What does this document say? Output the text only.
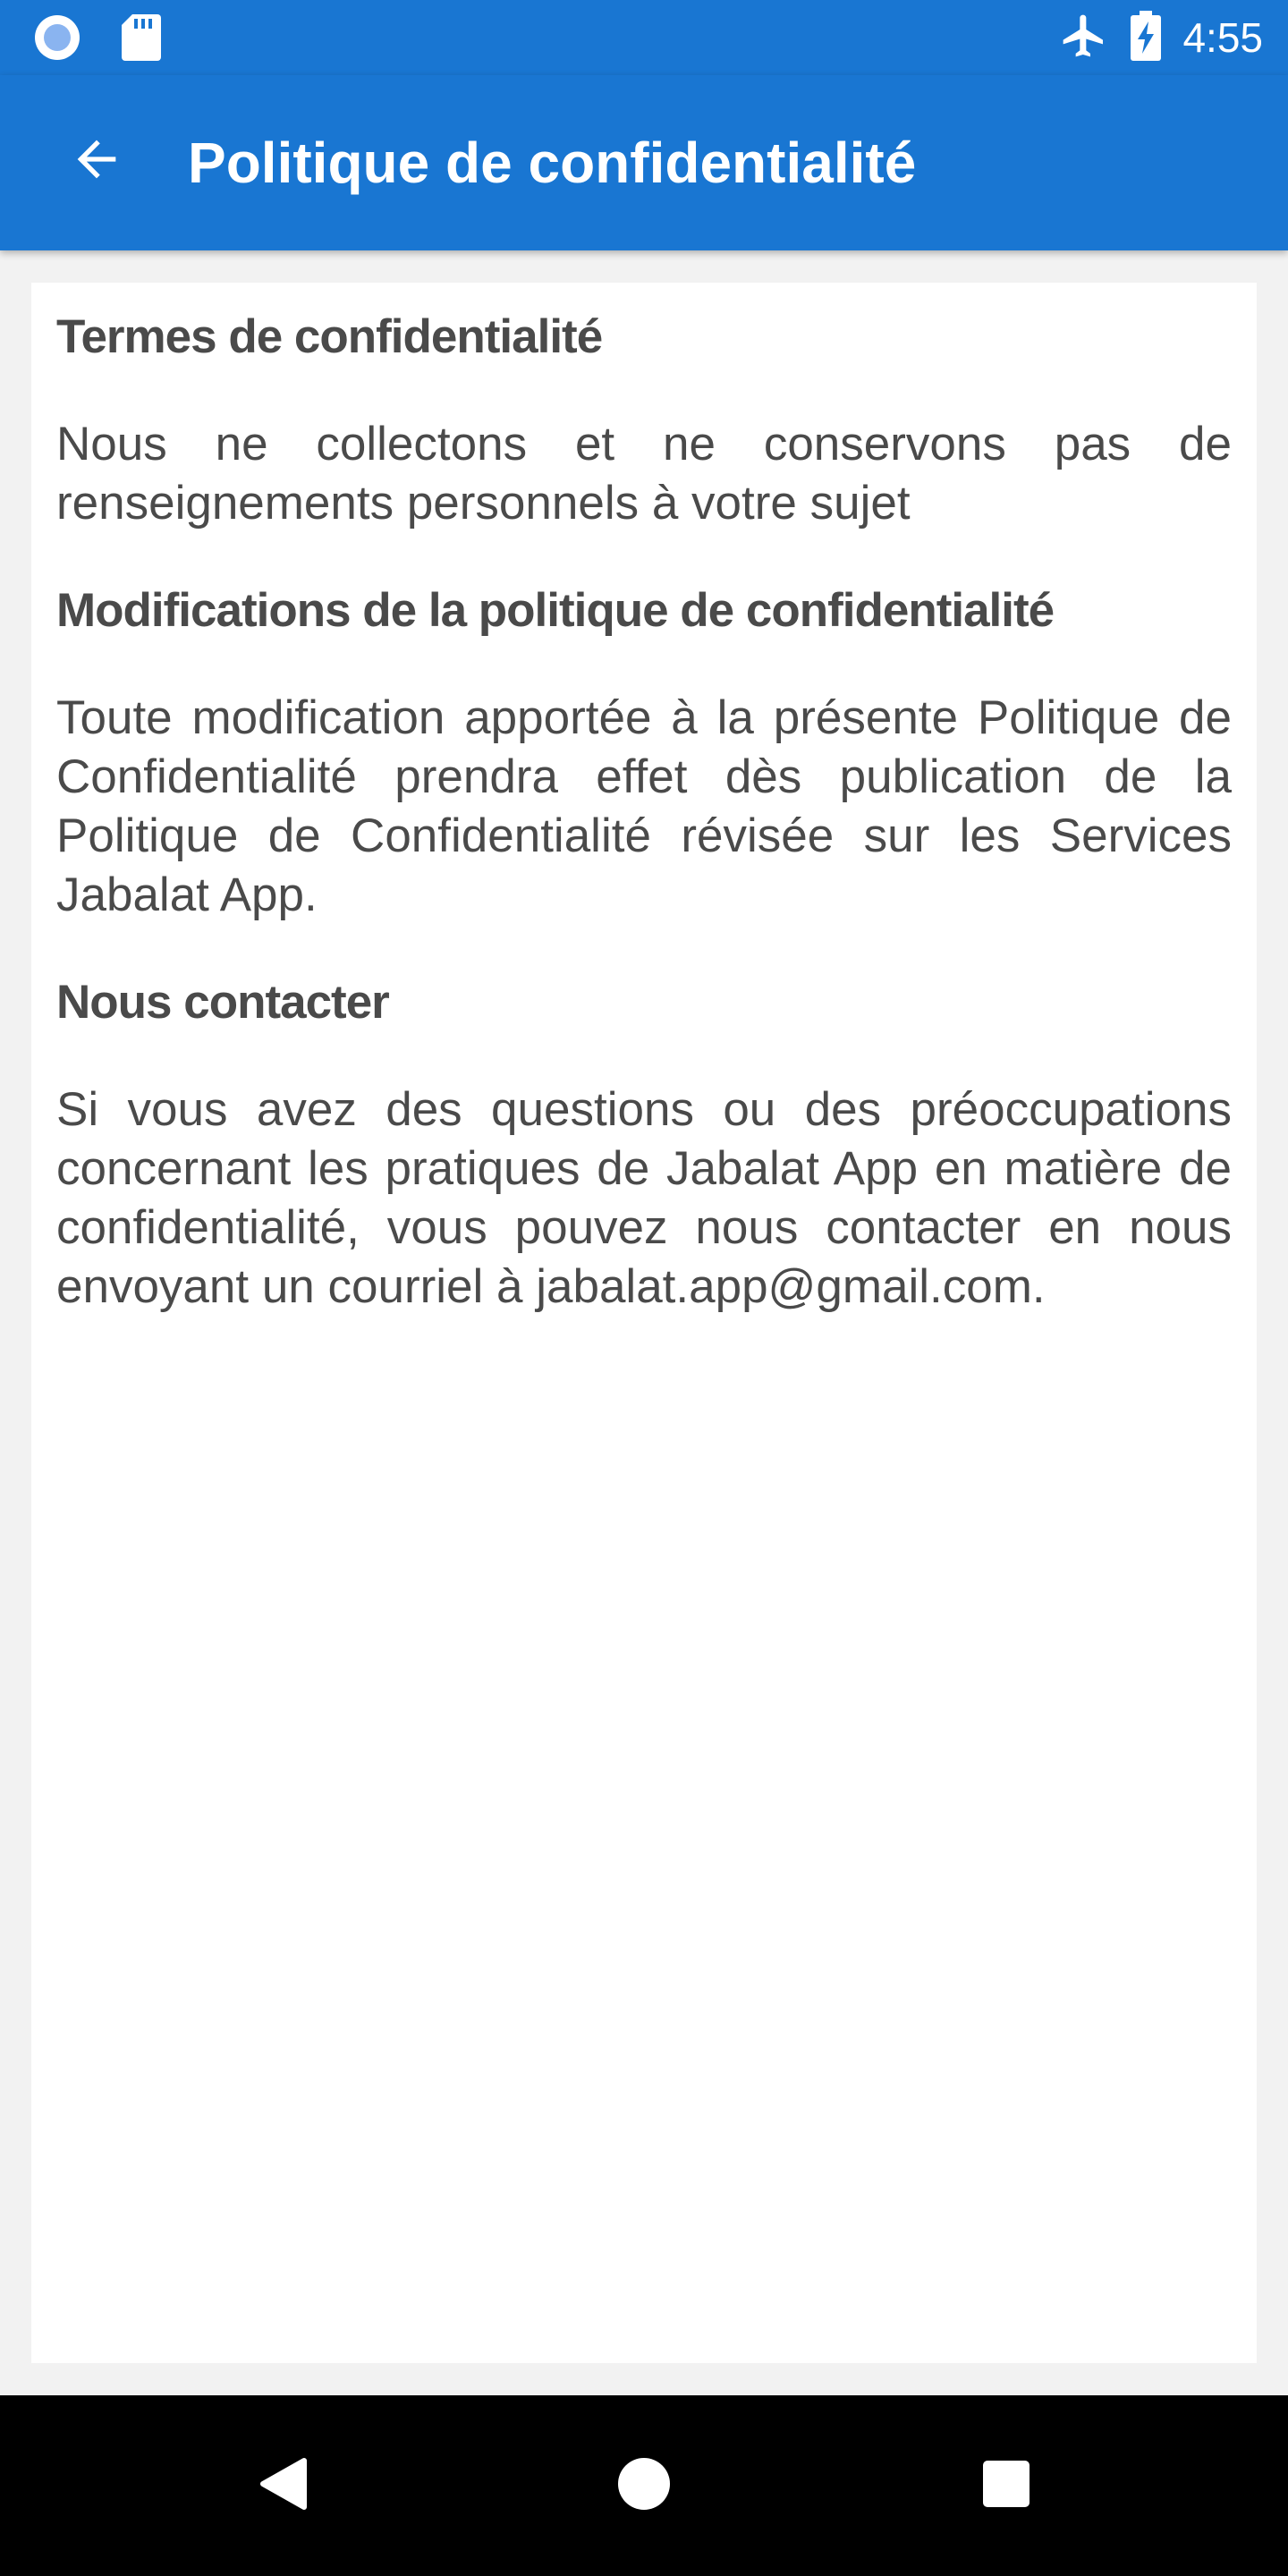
4:55
Politique de confidentialité
Termes de confidentialité

Nous ne collectons et ne conservons pas de renseignements personnels à votre sujet

Modifications de la politique de confidentialité

Toute modification apportée à la présente Politique de Confidentialité prendra effet dès publication de la Politique de Confidentialité révisée sur les Services Jabalat App.

Nous contacter

Si vous avez des questions ou des préoccupations concernant les pratiques de Jabalat App en matière de confidentialité, vous pouvez nous contacter en nous envoyant un courriel à jabalat.app@gmail.com.
